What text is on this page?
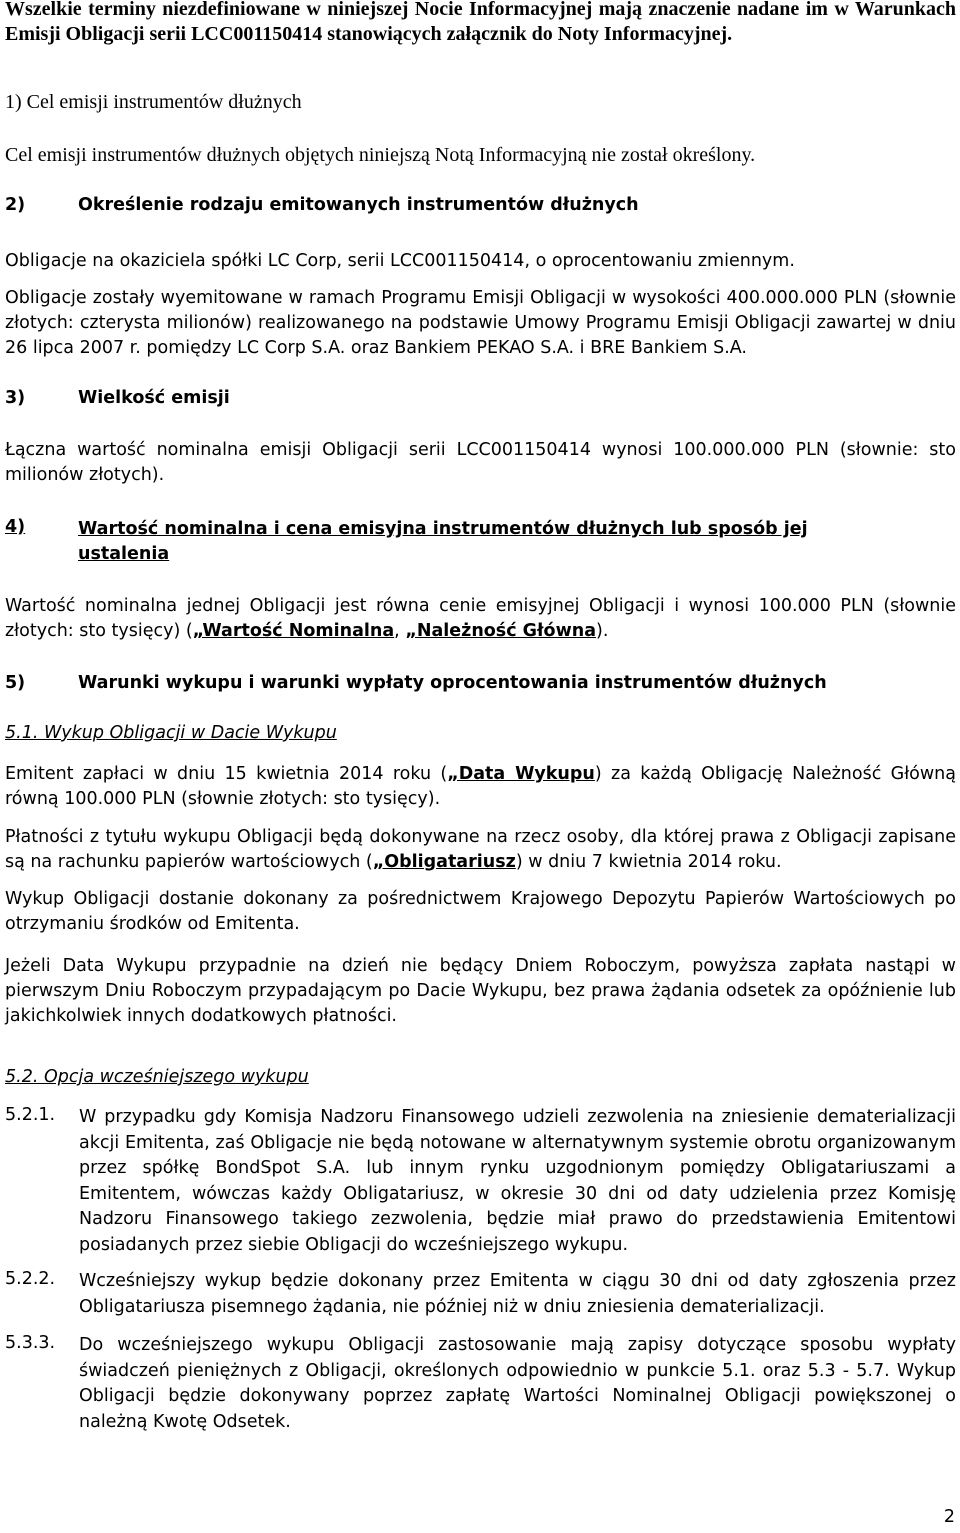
Wszelkie terminy niezdefiniowane w niniejszej Nocie Informacyjnej mają znaczenie nadane im w Warunkach Emisji Obligacji serii LCC001150414 stanowiących załącznik do Noty Informacyjnej.

1) Cel emisji instrumentów dłużnych
Cel emisji instrumentów dłużnych objętych niniejszą Notą Informacyjną nie został określony.
2)	Określenie rodzaju emitowanych instrumentów dłużnych

Obligacje na okaziciela spółki LC Corp, serii LCC001150414, o oprocentowaniu zmiennym.

Obligacje zostały wyemitowane w ramach Programu Emisji Obligacji w wysokości 400.000.000 PLN (słownie złotych: czterysta milionów) realizowanego na podstawie Umowy Programu Emisji Obligacji zawartej w dniu 26 lipca 2007 r. pomiędzy LC Corp S.A. oraz Bankiem PEKAO S.A. i BRE Bankiem S.A.

3)	Wielkość emisji

Łączna wartość nominalna emisji Obligacji serii LCC001150414 wynosi 100.000.000 PLN (słownie: sto milionów złotych).

4)	Wartość nominalna i cena emisyjna instrumentów dłużnych lub sposób jej ustalenia

Wartość nominalna jednej Obligacji jest równa cenie emisyjnej Obligacji i wynosi 100.000 PLN (słownie złotych: sto tysięcy) („Wartość Nominalna, „Należność Główna).

5)	Warunki wykupu i warunki wypłaty oprocentowania instrumentów dłużnych
5.1. Wykup Obligacji w Dacie Wykupu

Emitent zapłaci w dniu 15 kwietnia 2014 roku („Data Wykupu) za każdą Obligację Należność Główną równą 100.000 PLN (słownie złotych: sto tysięcy).

Płatności z tytułu wykupu Obligacji będą dokonywane na rzecz osoby, dla której prawa z Obligacji zapisane są na rachunku papierów wartościowych („Obligatariusz) w dniu 7 kwietnia 2014 roku.

Wykup Obligacji dostanie dokonany za pośrednictwem Krajowego Depozytu Papierów Wartościowych po otrzymaniu środków od Emitenta.

Jeżeli Data Wykupu przypadnie na dzień nie będący Dniem Roboczym, powyższa zapłata nastąpi w pierwszym Dniu Roboczym przypadającym po Dacie Wykupu, bez prawa żądania odsetek za opóźnienie lub jakichkolwiek innych dodatkowych płatności.

5.2. Opcja wcześniejszego wykupu
5.2.1.	W przypadku gdy Komisja Nadzoru Finansowego udzieli zezwolenia na zniesienie dematerializacji akcji Emitenta, zaś Obligacje nie będą notowane w alternatywnym systemie obrotu organizowanym przez spółkę BondSpot S.A. lub innym rynku uzgodnionym pomiędzy Obligatariuszami a Emitentem, wówczas każdy Obligatariusz, w okresie 30 dni od daty udzielenia przez Komisję Nadzoru Finansowego takiego zezwolenia, będzie miał prawo do przedstawienia Emitentowi posiadanych przez siebie Obligacji do wcześniejszego wykupu.

5.2.2.	Wcześniejszy wykup będzie dokonany przez Emitenta w ciągu 30 dni od daty zgłoszenia przez Obligatariusza pisemnego żądania, nie później niż w dniu zniesienia dematerializacji.

5.3.3.	Do wcześniejszego wykupu Obligacji zastosowanie mają zapisy dotyczące sposobu wypłaty świadczeń pieniężnych z Obligacji, określonych odpowiednio w punkcie 5.1. oraz 5.3 - 5.7. Wykup Obligacji będzie dokonywany poprzez zapłatę Wartości Nominalnej Obligacji powiększonej o należną Kwotę Odsetek.

2
